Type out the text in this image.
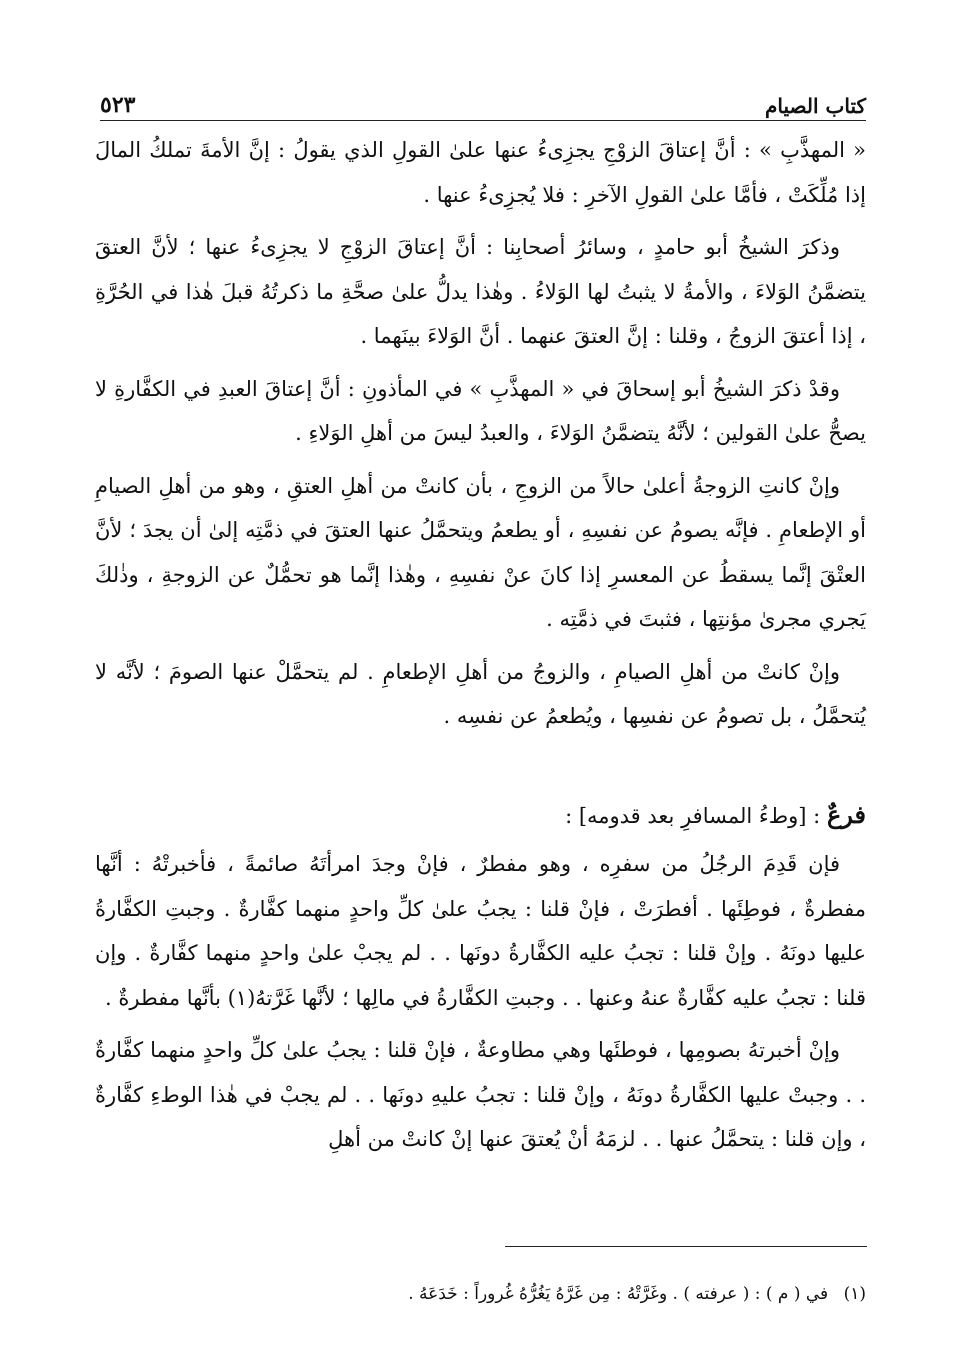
كتاب الصيام
٥٢٣

« المهذَّبِ » : أنَّ إعتاقَ الزوْجِ يجزِىءُ عنها علىٰ القولِ الذي يقولُ : إنَّ الأمةَ تملكُ المالَ إذا مُلِّكَتْ ، فأمَّا علىٰ القولِ الآخرِ : فلا يُجزِىءُ عنها .

وذكرَ الشيخُ أبو حامدٍ ، وسائرُ أصحابِنا : أنَّ إعتاقَ الزوْجِ لا يجزِىءُ عنها ؛ لأنَّ العتقَ يتضمَّنُ الوَلاءَ ، والأمةُ لا يثبتُ لها الوَلاءُ . وهٰذا يدلُّ علىٰ صحَّةِ ما ذكرتُهُ قبلَ هٰذا في الحُرَّةِ ، إذا أعتقَ الزوجُ ، وقلنا : إنَّ العتقَ عنهما . أنَّ الوَلاءَ بينَهما .

وقدْ ذكرَ الشيخُ أبو إسحاقَ في « المهذَّبِ » في المأذونِ : أنَّ إعتاقَ العبدِ في الكفَّارةِ لا يصحُّ علىٰ القولين ؛ لأنَّهُ يتضمَّنُ الوَلاءَ ، والعبدُ ليسَ من أهلِ الوَلاءِ .

وإنْ كانتِ الزوجةُ أعلىٰ حالاً من الزوجِ ، بأن كانتْ من أهلِ العتقِ ، وهو من أهلِ الصيامِ أو الإطعامِ . فإنَّه يصومُ عن نفسِهِ ، أو يطعمُ ويتحمَّلُ عنها العتقَ في ذمَّتِه إلىٰ أن يجدَ ؛ لأنَّ العتْقَ إنَّما يسقطُ عن المعسرِ إذا كانَ عنْ نفسِهِ ، وهٰذا إنَّما هو تحمُّلٌ عن الزوجةِ ، وذٰلكَ يَجري مجرىٰ مؤنتِها ، فثبتَ في ذمَّتِه .

وإنْ كانتْ من أهلِ الصيامِ ، والزوجُ من أهلِ الإطعامِ . لم يتحمَّلْ عنها الصومَ ؛ لأنَّه لا يُتحمَّلُ ، بل تصومُ عن نفسِها ، ويُطعمُ عن نفسِه .

فرعٌ : [وطءُ المسافرِ بعد قدومه] :

فإن قَدِمَ الرجُلُ من سفرِه ، وهو مفطرٌ ، فإنْ وجدَ امرأتَهُ صائمةً ، فأخبرتْهُ : أنَّها مفطرةٌ ، فوطِئَها . أفطرَتْ ، فإنْ قلنا : يجبُ علىٰ كلِّ واحدٍ منهما كفَّارةٌ . وجبتِ الكفَّارةُ عليها دونَهُ . وإنْ قلنا : تجبُ عليه الكفَّارةُ دونَها . . لم يجبْ علىٰ واحدٍ منهما كفَّارةٌ . وإن قلنا : تجبُ عليه كفَّارةٌ عنهُ وعنها . . وجبتِ الكفَّارةُ في مالِها ؛ لأنَّها غَرَّتهُ(١) بأنَّها مفطرةٌ .

وإنْ أخبرتهُ بصومِها ، فوطئَها وهي مطاوعةٌ ، فإنْ قلنا : يجبُ علىٰ كلِّ واحدٍ منهما كفَّارةٌ . . وجبتْ عليها الكفَّارةُ دونَهُ ، وإنْ قلنا : تجبُ عليهِ دونَها . . لم يجبْ في هٰذا الوطءِ كفَّارةٌ ، وإن قلنا : يتحمَّلُ عنها . . لزمَهُ أنْ يُعتقَ عنها إنْ كانتْ من أهلِ

(١) في ( م ) : ( عرفته ) . وغَرَّتْهُ : مِن غَرَّهُ يَغُرُّهُ غُروراً : خَدَعَهُ .
